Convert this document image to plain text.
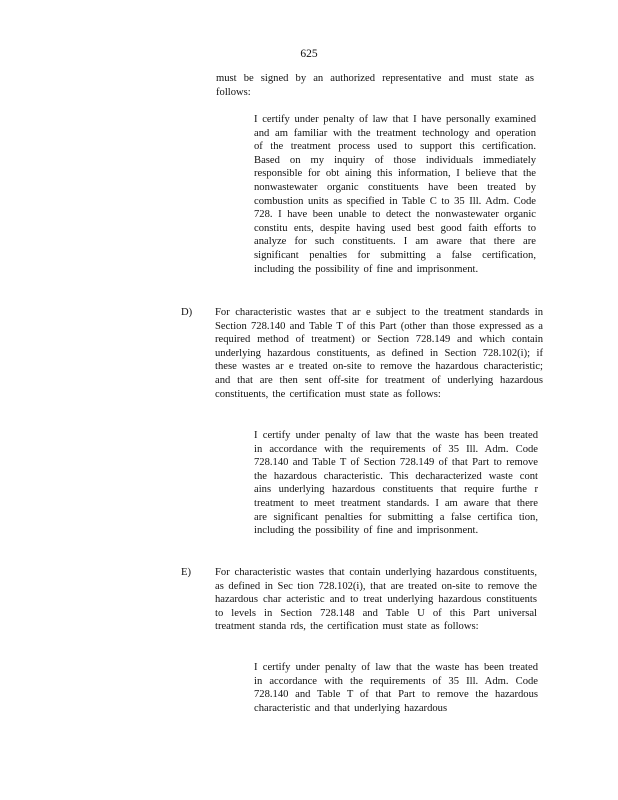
625

must be signed by an authorized representative and must state as follows:

I certify under penalty of law that I have personally examined and am familiar with the treatment technology and operation of the treatment process used to support this certification. Based on my inquiry of those individuals immediately responsible for obt aining this information, I believe that the nonwastewater organic constituents have been treated by combustion units as specified in Table C to 35 Ill. Adm. Code 728. I have been unable to detect the nonwastewater organic constitu ents, despite having used best good faith efforts to analyze for such constituents. I am aware that there are significant penalties for submitting a false certification, including the possibility of fine and imprisonment.

D)	For characteristic wastes that ar e subject to the treatment standards in Section 728.140 and Table T of this Part (other than those expressed as a required method of treatment) or Section 728.149 and which contain underlying hazardous constituents, as defined in Section 728.102(i); if these wastes ar e treated on-site to remove the hazardous characteristic; and that are then sent off-site for treatment of underlying hazardous constituents, the certification must state as follows:

I certify under penalty of law that the waste has been treated in accordance with the requirements of 35 Ill. Adm. Code 728.140 and Table T of Section 728.149 of that Part to remove the hazardous characteristic. This decharacterized waste cont ains underlying hazardous constituents that require furthe r treatment to meet treatment standards. I am aware that there are significant penalties for submitting a false certifica tion, including the possibility of fine and imprisonment.

E)	For characteristic wastes that contain underlying hazardous constituents, as defined in Sec tion 728.102(i), that are treated on-site to remove the hazardous char acteristic and to treat underlying hazardous constituents to levels in Section 728.148 and Table U of this Part universal treatment standa rds, the certification must state as follows:

I certify under penalty of law that the waste has been treated in accordance with the requirements of 35 Ill. Adm. Code 728.140 and Table T of that Part to remove the hazardous characteristic and that underlying hazardous
